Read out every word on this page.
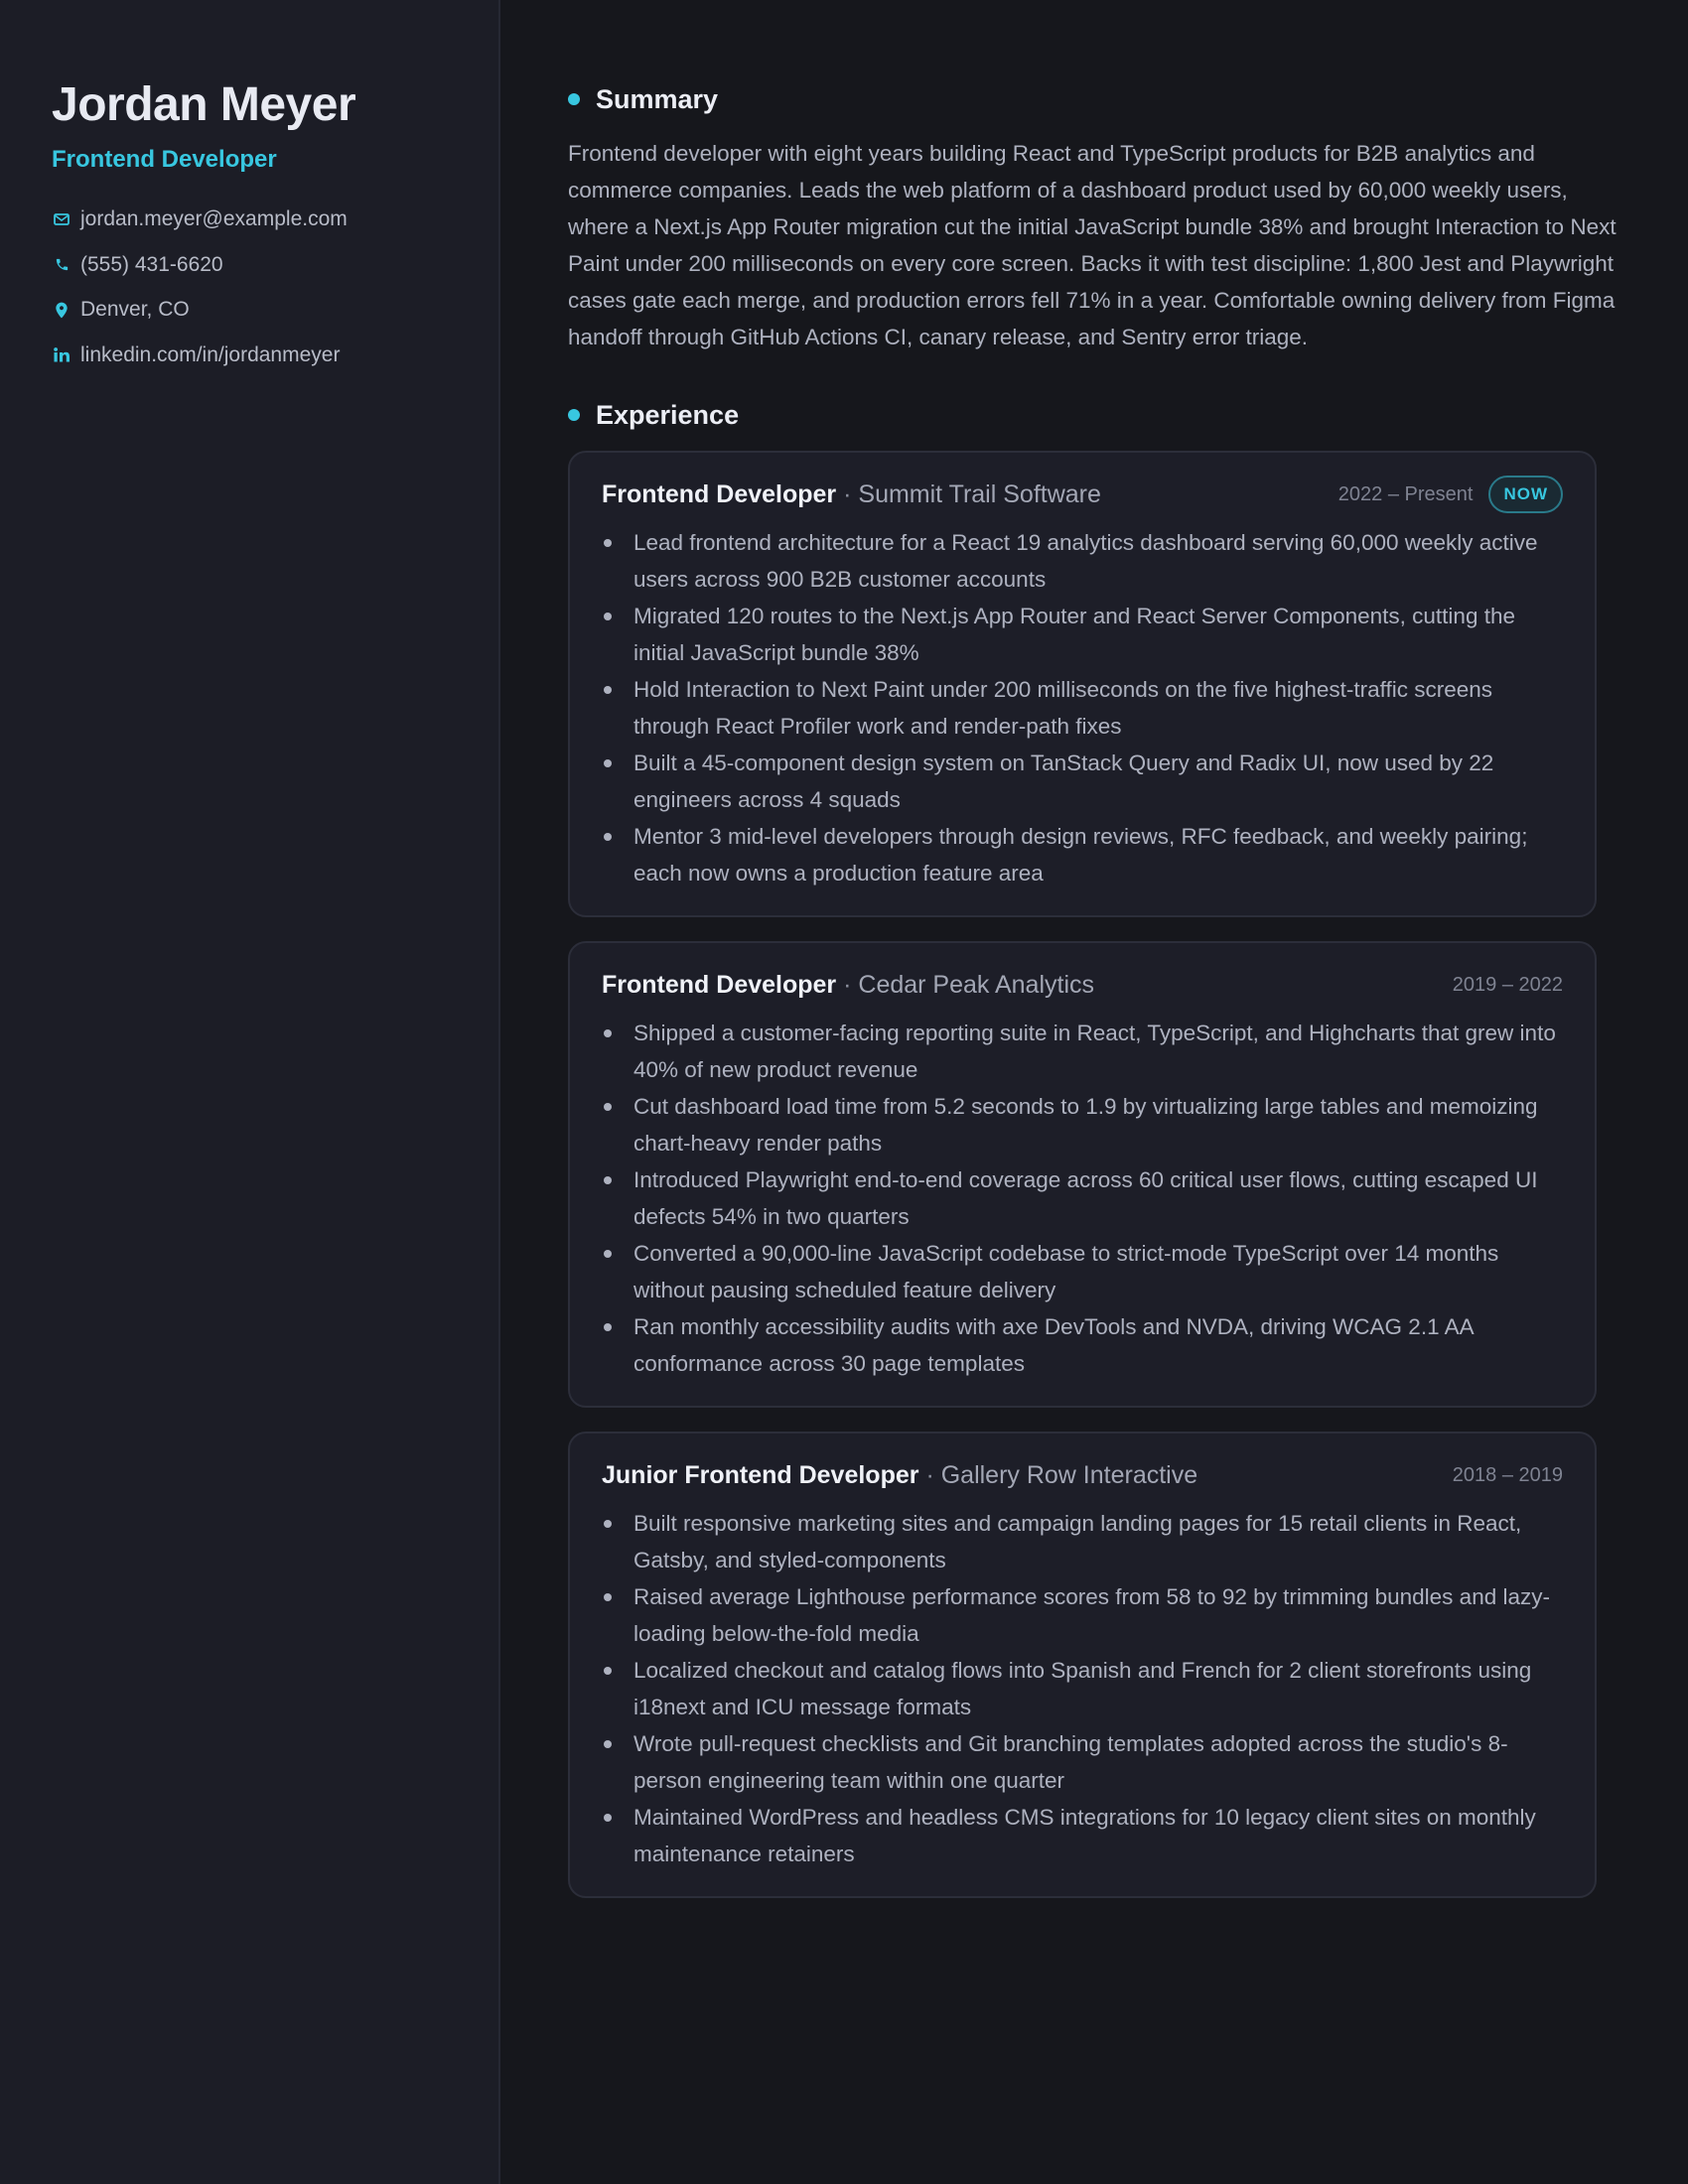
Jordan Meyer
Frontend Developer
jordan.meyer@example.com
(555) 431-6620
Denver, CO
linkedin.com/in/jordanmeyer
Summary

Frontend developer with eight years building React and TypeScript products for B2B analytics and commerce companies. Leads the web platform of a dashboard product used by 60,000 weekly users, where a Next.js App Router migration cut the initial JavaScript bundle 38% and brought Interaction to Next Paint under 200 milliseconds on every core screen. Backs it with test discipline: 1,800 Jest and Playwright cases gate each merge, and production errors fell 71% in a year. Comfortable owning delivery from Figma handoff through GitHub Actions CI, canary release, and Sentry error triage.

Experience
Frontend Developer · Summit Trail Software	2022 – Present	NOW
Lead frontend architecture for a React 19 analytics dashboard serving 60,000 weekly active users across 900 B2B customer accounts
Migrated 120 routes to the Next.js App Router and React Server Components, cutting the initial JavaScript bundle 38%
Hold Interaction to Next Paint under 200 milliseconds on the five highest-traffic screens through React Profiler work and render-path fixes
Built a 45-component design system on TanStack Query and Radix UI, now used by 22 engineers across 4 squads
Mentor 3 mid-level developers through design reviews, RFC feedback, and weekly pairing; each now owns a production feature area
Frontend Developer · Cedar Peak Analytics	2019 – 2022
Shipped a customer-facing reporting suite in React, TypeScript, and Highcharts that grew into 40% of new product revenue
Cut dashboard load time from 5.2 seconds to 1.9 by virtualizing large tables and memoizing chart-heavy render paths
Introduced Playwright end-to-end coverage across 60 critical user flows, cutting escaped UI defects 54% in two quarters
Converted a 90,000-line JavaScript codebase to strict-mode TypeScript over 14 months without pausing scheduled feature delivery
Ran monthly accessibility audits with axe DevTools and NVDA, driving WCAG 2.1 AA conformance across 30 page templates
Junior Frontend Developer · Gallery Row Interactive	2018 – 2019
Built responsive marketing sites and campaign landing pages for 15 retail clients in React, Gatsby, and styled-components
Raised average Lighthouse performance scores from 58 to 92 by trimming bundles and lazy-loading below-the-fold media
Localized checkout and catalog flows into Spanish and French for 2 client storefronts using i18next and ICU message formats
Wrote pull-request checklists and Git branching templates adopted across the studio's 8-person engineering team within one quarter
Maintained WordPress and headless CMS integrations for 10 legacy client sites on monthly maintenance retainers
